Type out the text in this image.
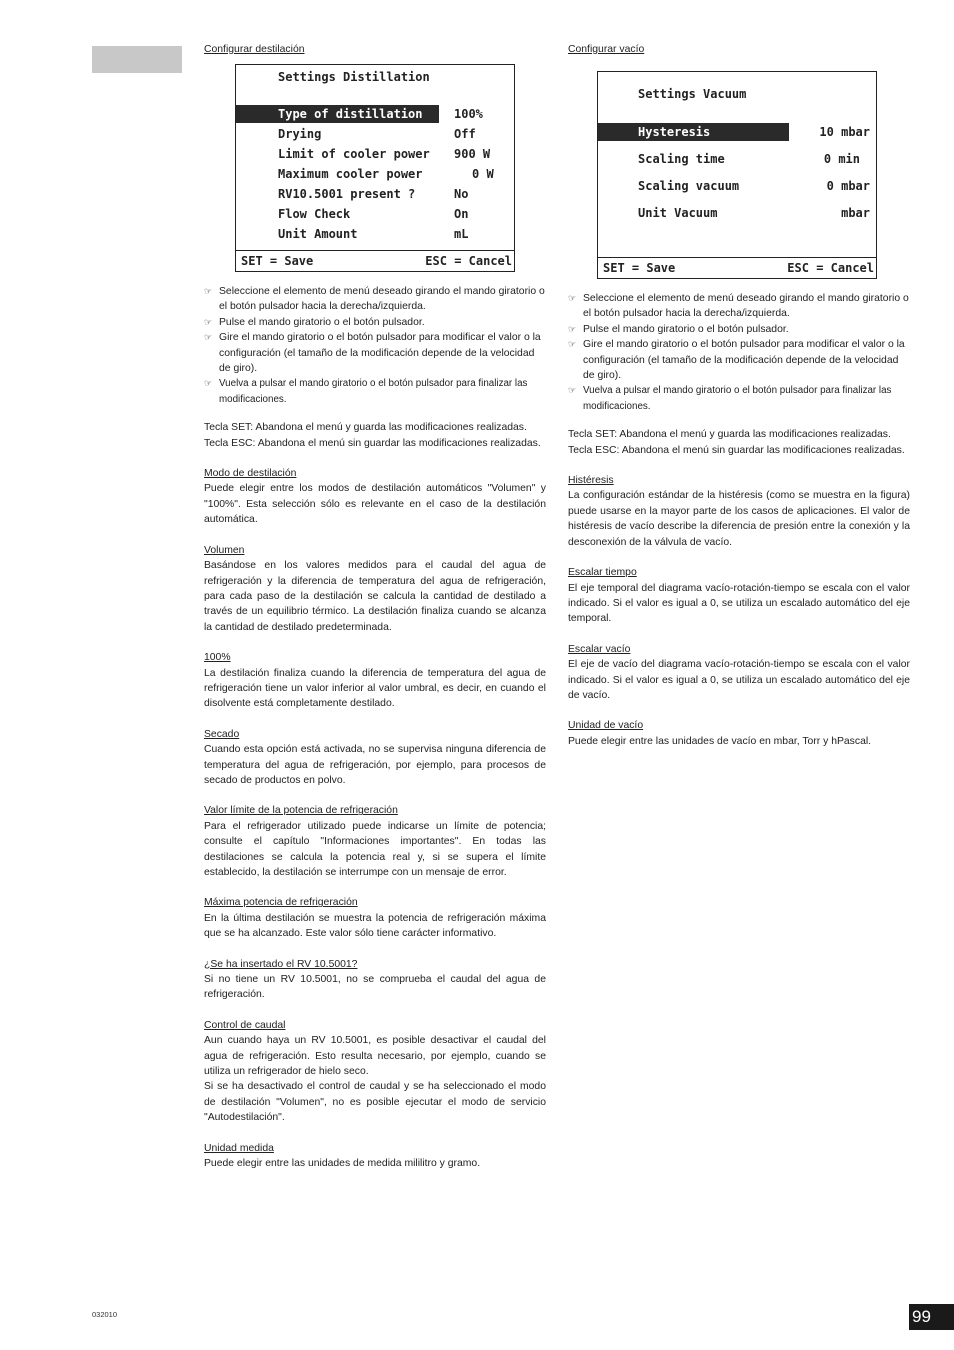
Configurar destilación
Settings Distillation
Type of distillation	100%
Drying	Off
Limit of cooler power 900 W
Maximum cooler power	0 W
RV10.5001 present ?	No
Flow Check	On
Unit Amount	mL
SET = Save	ESC = Cancel
☞ Seleccione el elemento de menú deseado girando el mando giratorio o el botón pulsador hacia la derecha/izquierda.
☞ Pulse el mando giratorio o el botón pulsador.
☞ Gire el mando giratorio o el botón pulsador para modificar el valor o la configuración (el tamaño de la modificación depende de la velocidad de giro).
☞ Vuelva a pulsar el mando giratorio o el botón pulsador para finalizar las modificaciones.
Tecla SET: Abandona el menú y guarda las modificaciones realizadas.
Tecla ESC: Abandona el menú sin guardar las modificaciones realizadas.
Modo de destilación

Puede elegir entre los modos de destilación automáticos "Volumen" y "100%". Esta selección sólo es relevante en el caso de la destilación automática.

Volumen

Basándose en los valores medidos para el caudal del agua de refrigeración y la diferencia de temperatura del agua de refrigeración, para cada paso de la destilación se calcula la cantidad de destilado a través de un equilibrio térmico. La destilación finaliza cuando se alcanza la cantidad de destilado predeterminada.

100%

La destilación finaliza cuando la diferencia de temperatura del agua de refrigeración tiene un valor inferior al valor umbral, es decir, en cuando el disolvente está completamente destilado.

Secado

Cuando esta opción está activada, no se supervisa ninguna diferencia de temperatura del agua de refrigeración, por ejemplo, para procesos de secado de productos en polvo.

Valor límite de la potencia de refrigeración

Para el refrigerador utilizado puede indicarse un límite de potencia; consulte el capítulo "Informaciones importantes". En todas las destilaciones se calcula la potencia real y, si se supera el límite establecido, la destilación se interrumpe con un mensaje de error.

Máxima potencia de refrigeración

En la última destilación se muestra la potencia de refrigeración máxima que se ha alcanzado. Este valor sólo tiene carácter informativo.

¿Se ha insertado el RV 10.5001?

Si no tiene un RV 10.5001, no se comprueba el caudal del agua de refrigeración.

Control de caudal

Aun cuando haya un RV 10.5001, es posible desactivar el caudal del agua de refrigeración. Esto resulta necesario, por ejemplo, cuando se utiliza un refrigerador de hielo seco.

Si se ha desactivado el control de caudal y se ha seleccionado el modo de destilación "Volumen", no es posible ejecutar el modo de servicio "Autodestilación".

Unidad medida

Puede elegir entre las unidades de medida mililitro y gramo.

Configurar vacío
Settings Vacuum
Hysteresis	10 mbar
Scaling time	0 min
Scaling vacuum	0 mbar
Unit Vacuum	mbar
SET = Save	ESC = Cancel
☞ Seleccione el elemento de menú deseado girando el mando giratorio o el botón pulsador hacia la derecha/izquierda.
☞ Pulse el mando giratorio o el botón pulsador.
☞ Gire el mando giratorio o el botón pulsador para modificar el valor o la configuración (el tamaño de la modificación depende de la velocidad de giro).
☞ Vuelva a pulsar el mando giratorio o el botón pulsador para finalizar las modificaciones.
Tecla SET: Abandona el menú y guarda las modificaciones realizadas.
Tecla ESC: Abandona el menú sin guardar las modificaciones realizadas.
Histéresis

La configuración estándar de la histéresis (como se muestra en la figura) puede usarse en la mayor parte de los casos de aplicaciones. El valor de histéresis de vacío describe la diferencia de presión entre la conexión y la desconexión de la válvula de vacío.

Escalar tiempo

El eje temporal del diagrama vacío-rotación-tiempo se escala con el valor indicado. Si el valor es igual a 0, se utiliza un escalado automático del eje temporal.

Escalar vacío

El eje de vacío del diagrama vacío-rotación-tiempo se escala con el valor indicado. Si el valor es igual a 0, se utiliza un escalado automático del eje de vacío.

Unidad de vacío

Puede elegir entre las unidades de vacío en mbar, Torr y hPascal.

032010	99
